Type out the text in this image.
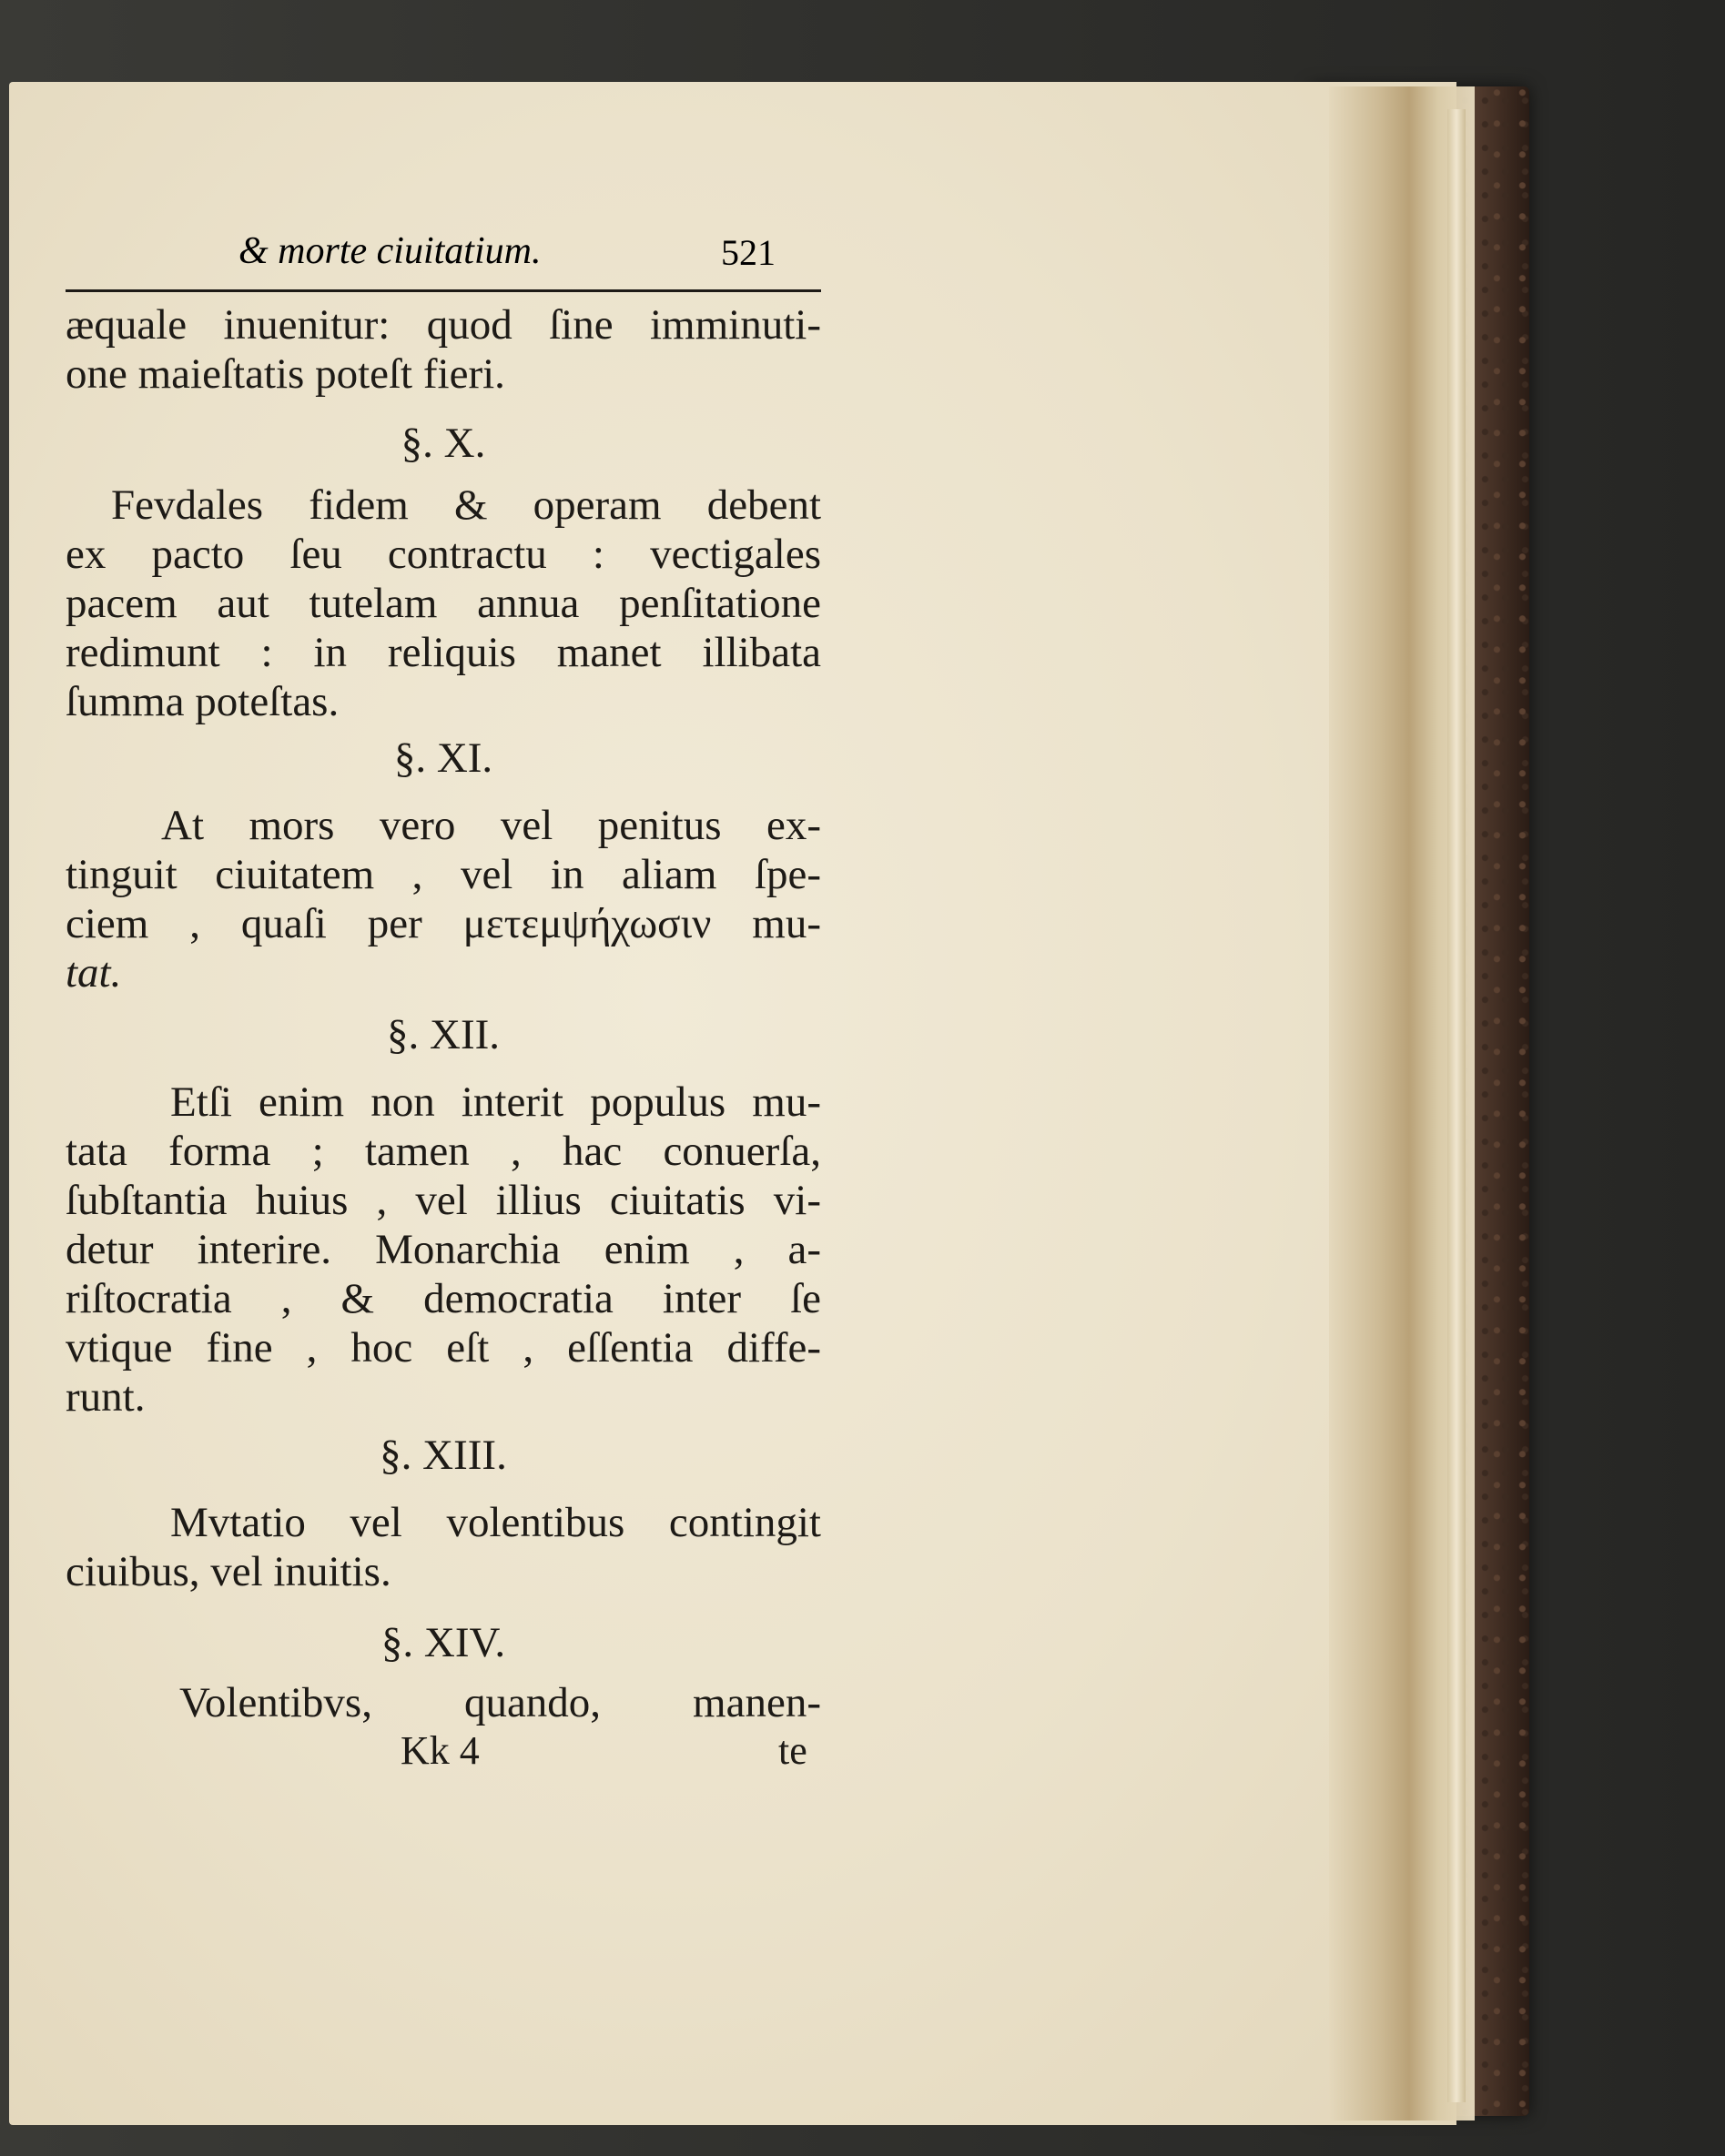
& morte ciuitatium.	521
æquale inuenitur: quod ſine imminuti-
one maieſtatis poteſt fieri.
§. X.
Fevdales fidem & operam debent
ex pacto ſeu contractu : vectigales
pacem aut tutelam annua penſitatione
redimunt : in reliquis manet illibata
ſumma poteſtas.
§. XI.
At mors vero vel penitus ex-
tinguit ciuitatem , vel in aliam ſpe-
ciem , quaſi per μετεμψήχωσιν mu-
tat.
§. XII.
Etſi enim non interit populus mu-
tata forma ; tamen , hac conuerſa,
ſubſtantia huius , vel illius ciuitatis vi-
detur interire. Monarchia enim , a-
riſtocratia , & democratia inter ſe
vtique fine , hoc eſt , eſſentia diffe-
runt.
§. XIII.
Mvtatio vel volentibus contingit
ciuibus, vel inuitis.
§. XIV.
Volentibvs, quando, manen-
Kk 4	te
